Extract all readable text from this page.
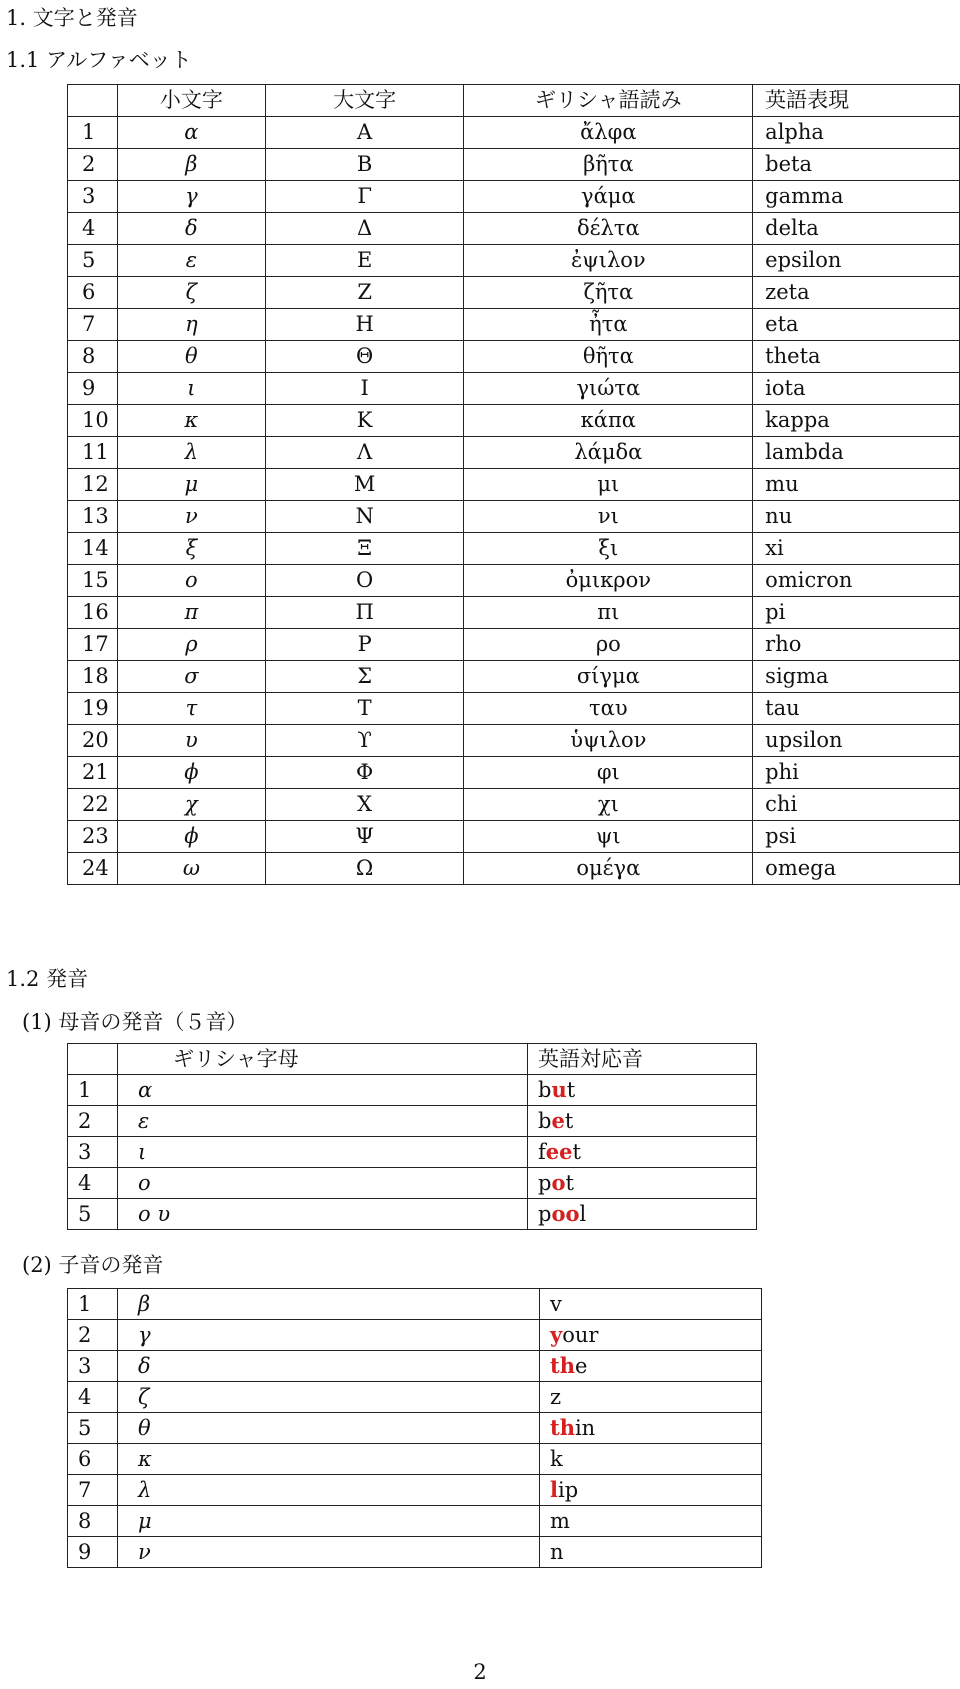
1. 文字と発音
1.1 アルファベット
	小文字	大文字	ギリシャ語読み	英語表現
1	α	Α	ἄλφα	alpha
2	β	Β	βῆτα	beta
3	γ	Γ	γάμα	gamma
4	δ	Δ	δέλτα	delta
5	ε	Ε	ἐψιλον	epsilon
6	ζ	Ζ	ζῆτα	zeta
7	η	Η	ἦτα	eta
8	θ	Θ	θῆτα	theta
9	ι	Ι	γιώτα	iota
10	κ	Κ	κάπα	kappa
11	λ	Λ	λάμδα	lambda
12	μ	Μ	μι	mu
13	ν	Ν	νι	nu
14	ξ	Ξ	ξι	xi
15	ο	Ο	ὀμικρον	omicron
16	π	Π	πι	pi
17	ρ	Ρ	ρο	rho
18	σ	Σ	σίγμα	sigma
19	τ	Τ	ταυ	tau
20	υ	ϒ	ὑψιλον	upsilon
21	ϕ	Φ	φι	phi
22	χ	Χ	χι	chi
23	ϕ	Ψ	ψι	psi
24	ω	Ω	ομέγα	omega
1.2 発音
(1) 母音の発音（５音）
	ギリシャ字母	英語対応音
1	α	but
2	ε	bet
3	ι	feet
4	ο	pot
5	ο υ	pool
(2) 子音の発音
1	β	v
2	γ	your
3	δ	the
4	ζ	z
5	θ	thin
6	κ	k
7	λ	lip
8	μ	m
9	ν	n
2
